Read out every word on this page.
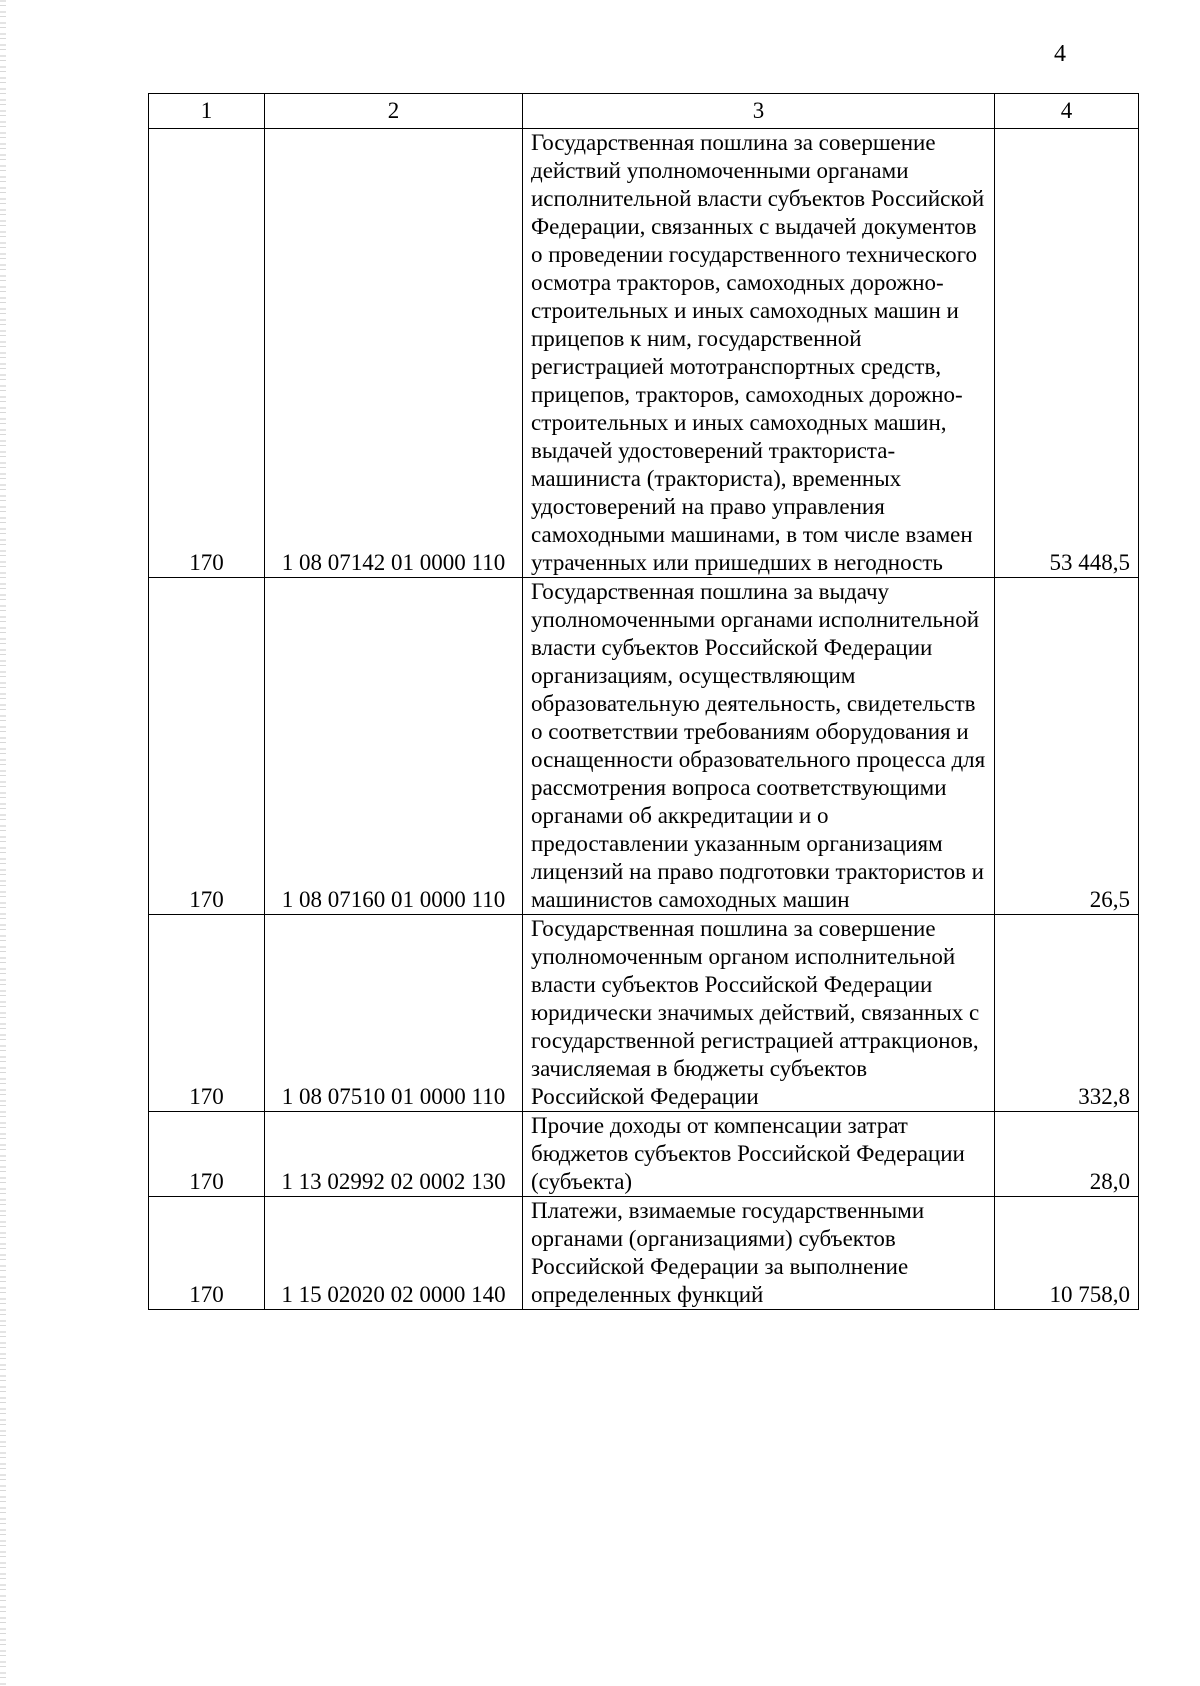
4
1	2	3	4
170	1 08 07142 01 0000 110	Государственная пошлина за совершение действий уполномоченными органами исполнительной власти субъектов Российской Федерации, связанных с выдачей документов о проведении государственного технического осмотра тракторов, самоходных дорожно-строительных и иных самоходных машин и прицепов к ним, государственной регистрацией мототранспортных средств, прицепов, тракторов, самоходных дорожно-строительных и иных самоходных машин, выдачей удостоверений тракториста-машиниста (тракториста), временных удостоверений на право управления самоходными машинами, в том числе взамен утраченных или пришедших в негодность	53 448,5
170	1 08 07160 01 0000 110	Государственная пошлина за выдачу уполномоченными органами исполнительной власти субъектов Российской Федерации организациям, осуществляющим образовательную деятельность, свидетельств о соответствии требованиям оборудования и оснащенности образовательного процесса для рассмотрения вопроса соответствующими органами об аккредитации и о предоставлении указанным организациям лицензий на право подготовки трактористов и машинистов самоходных машин	26,5
170	1 08 07510 01 0000 110	Государственная пошлина за совершение уполномоченным органом исполнительной власти субъектов Российской Федерации юридически значимых действий, связанных с государственной регистрацией аттракционов, зачисляемая в бюджеты субъектов Российской Федерации	332,8
170	1 13 02992 02 0002 130	Прочие доходы от компенсации затрат бюджетов субъектов Российской Федерации (субъекта)	28,0
170	1 15 02020 02 0000 140	Платежи, взимаемые государственными органами (организациями) субъектов Российской Федерации за выполнение определенных функций	10 758,0
